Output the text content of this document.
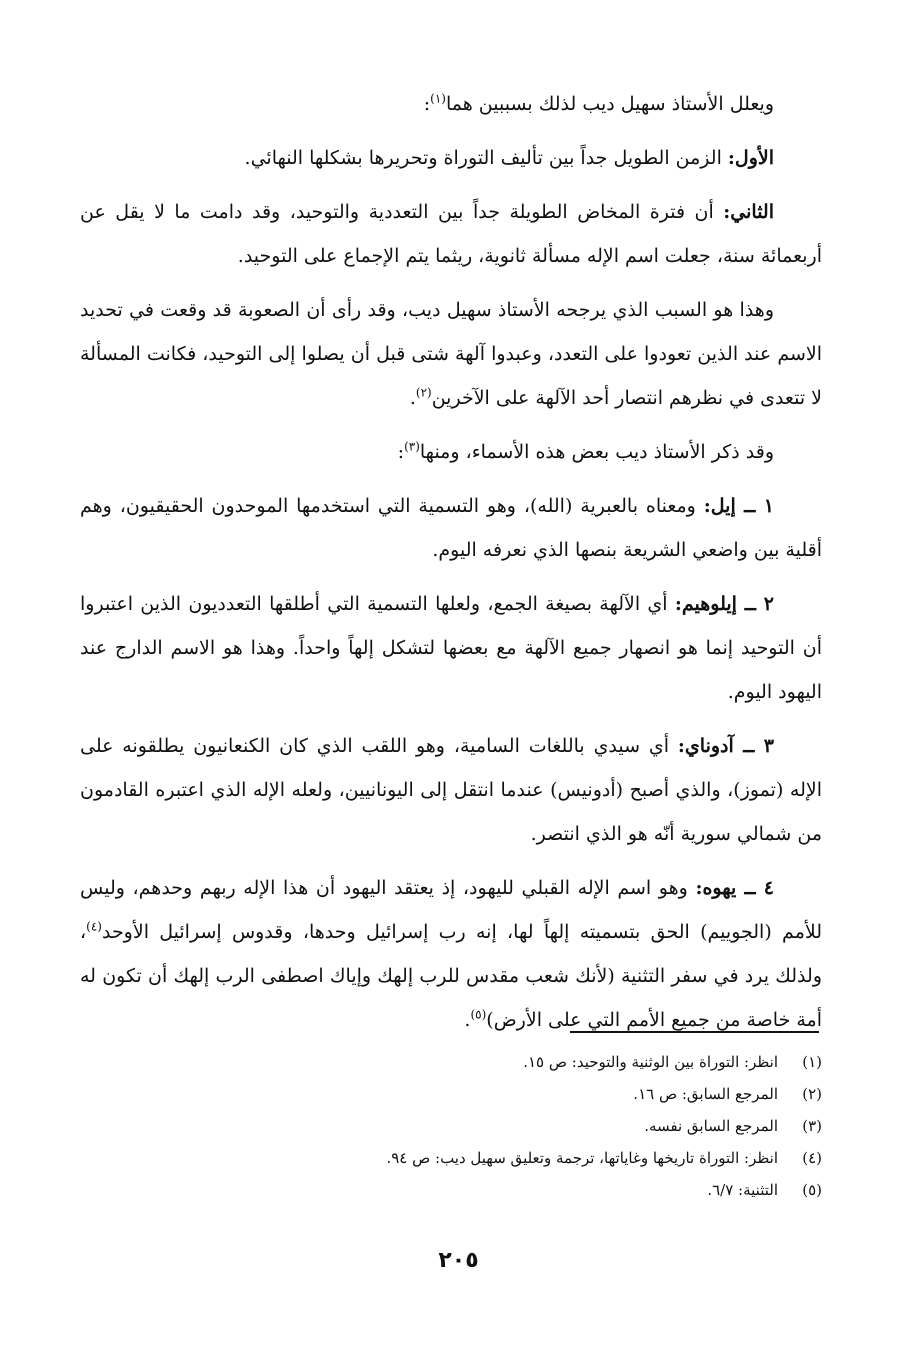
ويعلل الأستاذ سهيل ديب لذلك بسببين هما$^{(١)}$:

الأول: الزمن الطويل جداً بين تأليف التوراة وتحريرها بشكلها النهائي.

الثاني: أن فترة المخاض الطويلة جداً بين التعددية والتوحيد، وقد دامت ما لا يقل عن أربعمائة سنة، جعلت اسم الإله مسألة ثانوية، ريثما يتم الإجماع على التوحيد.

وهذا هو السبب الذي يرجحه الأستاذ سهيل ديب، وقد رأى أن الصعوبة قد وقعت في تحديد الاسم عند الذين تعودوا على التعدد، وعبدوا آلهة شتى قبل أن يصلوا إلى التوحيد، فكانت المسألة لا تتعدى في نظرهم انتصار أحد الآلهة على الآخرين$^{(٢)}$.

وقد ذكر الأستاذ ديب بعض هذه الأسماء، ومنها$^{(٣)}$:

١ ــ إيل: ومعناه بالعبرية (الله)، وهو التسمية التي استخدمها الموحدون الحقيقيون، وهم أقلية بين واضعي الشريعة بنصها الذي نعرفه اليوم.

٢ ــ إيلوهيم: أي الآلهة بصيغة الجمع، ولعلها التسمية التي أطلقها التعدديون الذين اعتبروا أن التوحيد إنما هو انصهار جميع الآلهة مع بعضها لتشكل إلهاً واحداً. وهذا هو الاسم الدارج عند اليهود اليوم.

٣ ــ آدوناي: أي سيدي باللغات السامية، وهو اللقب الذي كان الكنعانيون يطلقونه على الإله (تموز)، والذي أصبح (أدونيس) عندما انتقل إلى اليونانيين، ولعله الإله الذي اعتبره القادمون من شمالي سورية أنّه هو الذي انتصر.

٤ ــ يهوه: وهو اسم الإله القبلي لليهود، إذ يعتقد اليهود أن هذا الإله ربهم وحدهم، وليس للأمم (الجوييم) الحق بتسميته إلهاً لها، إنه رب إسرائيل وحدها، وقدوس إسرائيل الأوحد$^{(٤)}$، ولذلك يرد في سفر التثنية (لأنك شعب مقدس للرب إلهك وإياك اصطفى الرب إلهك أن تكون له أمة خاصة من جميع الأمم التي على الأرض)$^{(٥)}$.

(١)
انظر: التوراة بين الوثنية والتوحيد: ص ١٥.
(٢)
المرجع السابق: ص ١٦.
(٣)
المرجع السابق نفسه.
(٤)
انظر: التوراة تاريخها وغاياتها، ترجمة وتعليق سهيل ديب: ص ٩٤.
(٥)
التثنية: ٦/٧.
٢٠٥
